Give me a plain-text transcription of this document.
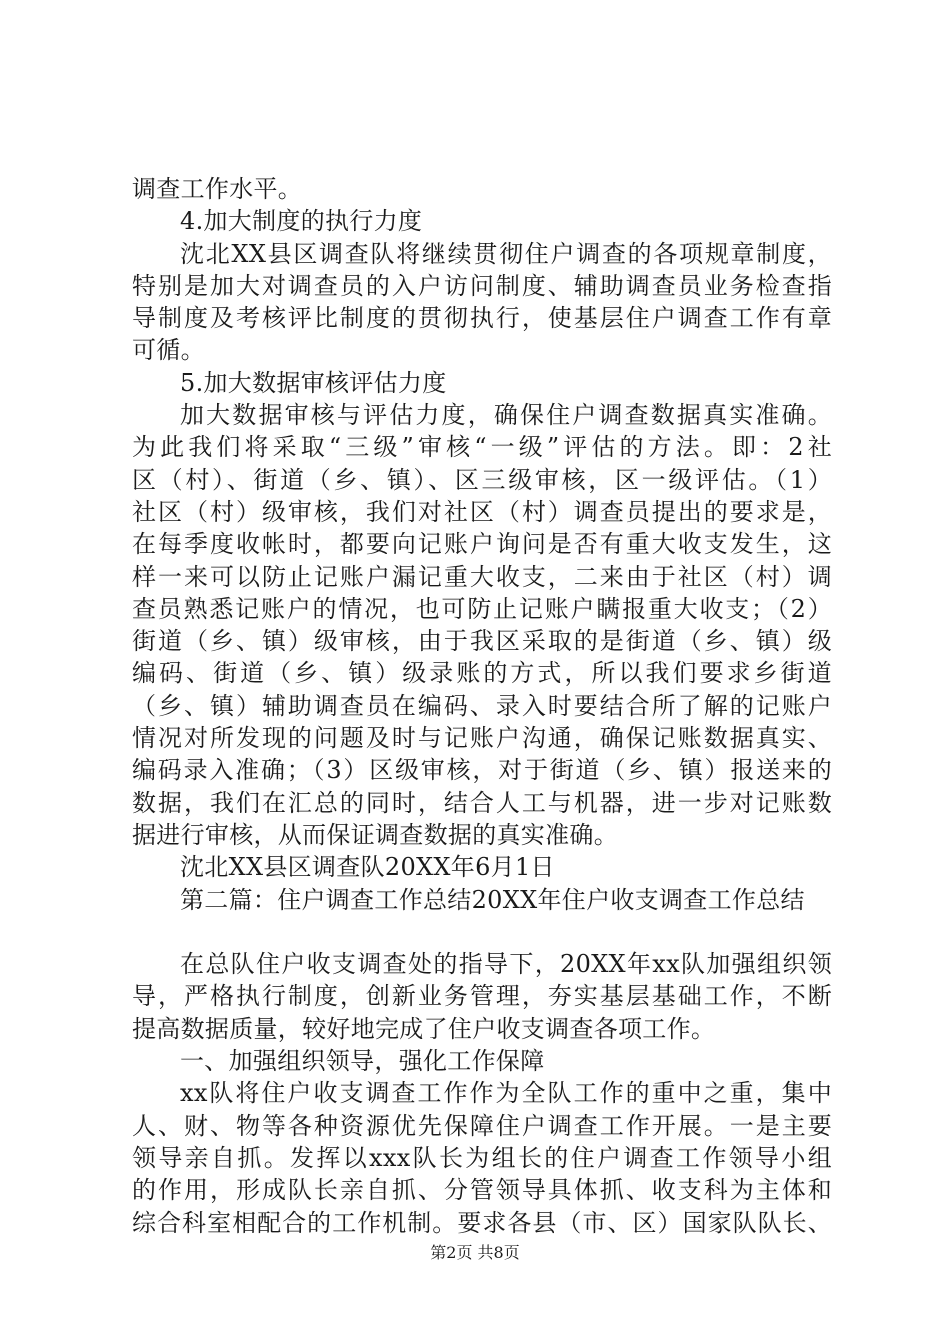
调查工作水平。
4.加大制度的执行力度
沈北XX县区调查队将继续贯彻住户调查的各项规章制度，
特别是加大对调查员的入户访问制度、辅助调查员业务检查指
导制度及考核评比制度的贯彻执行，使基层住户调查工作有章
可循。
5.加大数据审核评估力度
加大数据审核与评估力度，确保住户调查数据真实准确。
为此我们将采取“三级”审核“一级”评估的方法。即：2社
区（村）、街道（乡、镇）、区三级审核，区一级评估。（1）
社区（村）级审核，我们对社区（村）调查员提出的要求是，
在每季度收帐时，都要向记账户询问是否有重大收支发生，这
样一来可以防止记账户漏记重大收支，二来由于社区（村）调
查员熟悉记账户的情况，也可防止记账户瞒报重大收支；（2）
街道（乡、镇）级审核，由于我区采取的是街道（乡、镇）级
编码、街道（乡、镇）级录账的方式，所以我们要求乡街道
（乡、镇）辅助调查员在编码、录入时要结合所了解的记账户
情况对所发现的问题及时与记账户沟通，确保记账数据真实、
编码录入准确；（3）区级审核，对于街道（乡、镇）报送来的
数据，我们在汇总的同时，结合人工与机器，进一步对记账数
据进行审核，从而保证调查数据的真实准确。
沈北XX县区调查队20XX年6月1日
第二篇：住户调查工作总结20XX年住户收支调查工作总结
在总队住户收支调查处的指导下，20XX年xx队加强组织领
导，严格执行制度，创新业务管理，夯实基层基础工作，不断
提高数据质量，较好地完成了住户收支调查各项工作。
一、加强组织领导，强化工作保障
xx队将住户收支调查工作作为全队工作的重中之重，集中
人、财、物等各种资源优先保障住户调查工作开展。一是主要
领导亲自抓。发挥以xxx队长为组长的住户调查工作领导小组
的作用，形成队长亲自抓、分管领导具体抓、收支科为主体和
综合科室相配合的工作机制。要求各县（市、区）国家队队长、
第2页 共8页
